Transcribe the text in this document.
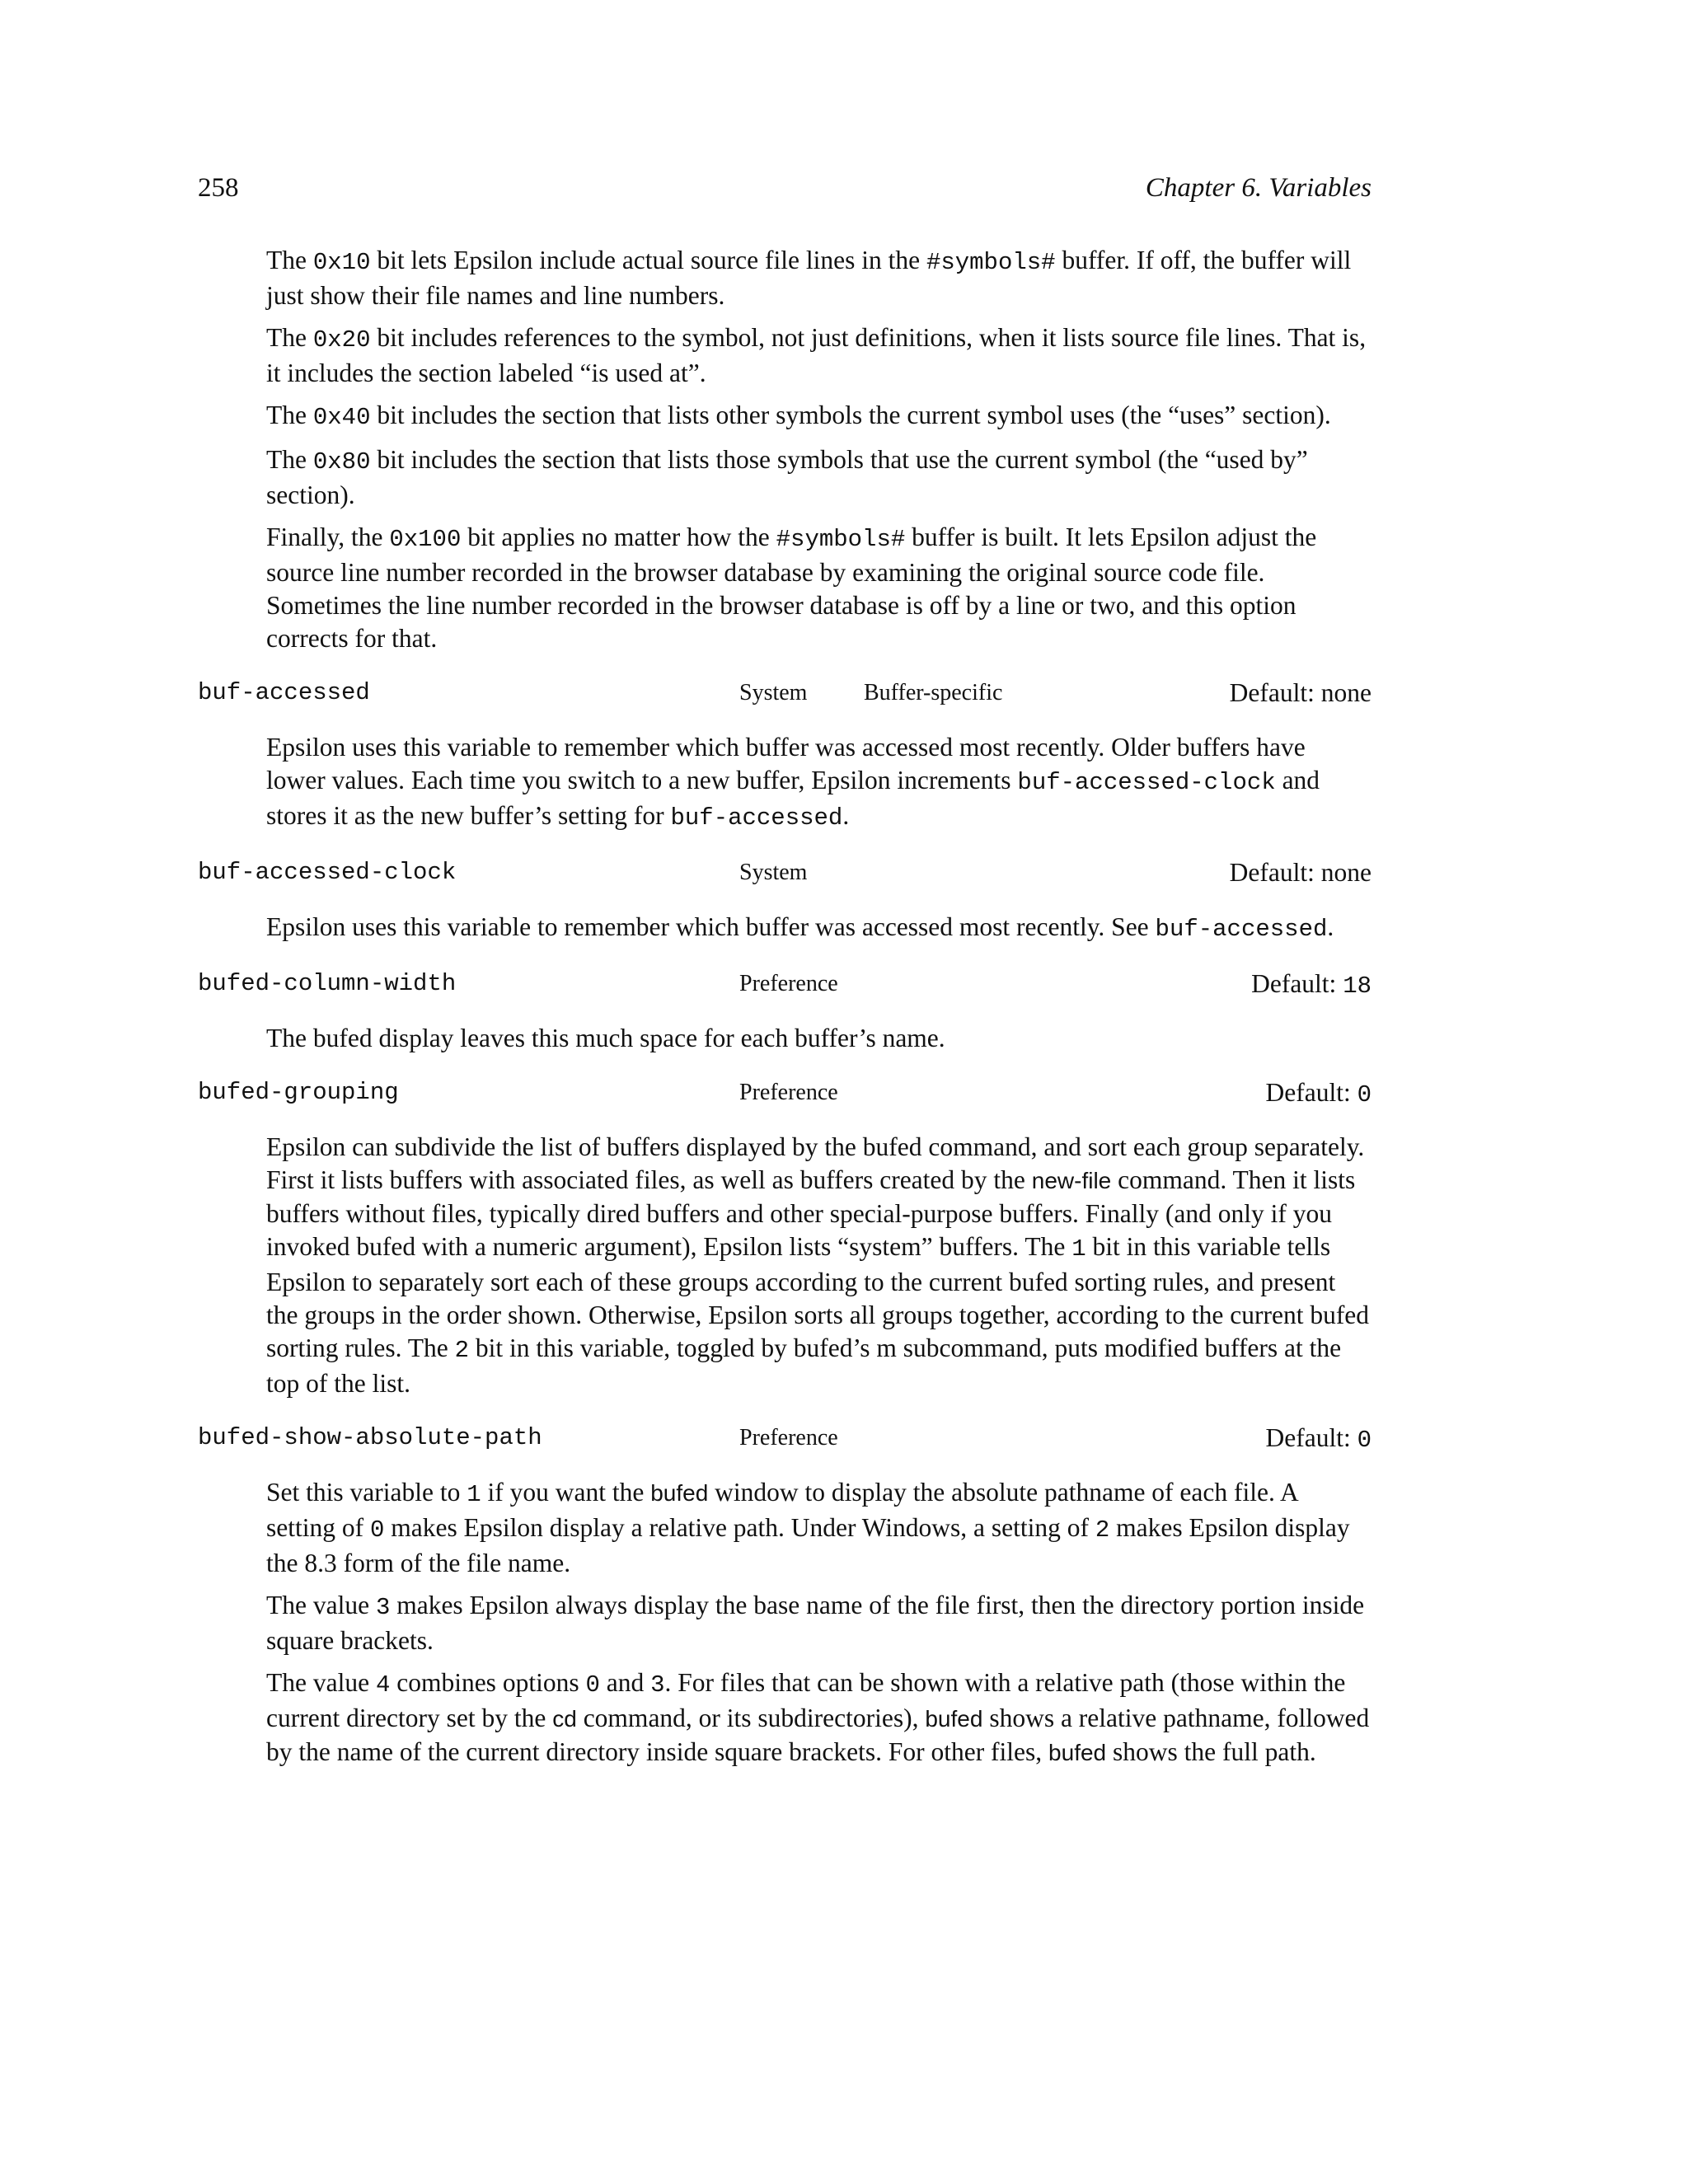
258	Chapter 6. Variables

The 0x10 bit lets Epsilon include actual source file lines in the #symbols# buffer. If off, the buffer will just show their file names and line numbers.

The 0x20 bit includes references to the symbol, not just definitions, when it lists source file lines. That is, it includes the section labeled “is used at”.

The 0x40 bit includes the section that lists other symbols the current symbol uses (the “uses” section).

The 0x80 bit includes the section that lists those symbols that use the current symbol (the “used by” section).

Finally, the 0x100 bit applies no matter how the #symbols# buffer is built. It lets Epsilon adjust the source line number recorded in the browser database by examining the original source code file. Sometimes the line number recorded in the browser database is off by a line or two, and this option corrects for that.

buf-accessed	System Buffer-specific	Default: none

Epsilon uses this variable to remember which buffer was accessed most recently. Older buffers have lower values. Each time you switch to a new buffer, Epsilon increments buf-accessed-clock and stores it as the new buffer’s setting for buf-accessed.

buf-accessed-clock	System	Default: none

Epsilon uses this variable to remember which buffer was accessed most recently. See buf-accessed.

bufed-column-width	Preference	Default: 18

The bufed display leaves this much space for each buffer’s name.

bufed-grouping	Preference	Default: 0

Epsilon can subdivide the list of buffers displayed by the bufed command, and sort each group separately. First it lists buffers with associated files, as well as buffers created by the new-file command. Then it lists buffers without files, typically dired buffers and other special-purpose buffers. Finally (and only if you invoked bufed with a numeric argument), Epsilon lists “system” buffers. The 1 bit in this variable tells Epsilon to separately sort each of these groups according to the current bufed sorting rules, and present the groups in the order shown. Otherwise, Epsilon sorts all groups together, according to the current bufed sorting rules. The 2 bit in this variable, toggled by bufed’s m subcommand, puts modified buffers at the top of the list.

bufed-show-absolute-path	Preference	Default: 0

Set this variable to 1 if you want the bufed window to display the absolute pathname of each file. A setting of 0 makes Epsilon display a relative path. Under Windows, a setting of 2 makes Epsilon display the 8.3 form of the file name.

The value 3 makes Epsilon always display the base name of the file first, then the directory portion inside square brackets.

The value 4 combines options 0 and 3. For files that can be shown with a relative path (those within the current directory set by the cd command, or its subdirectories), bufed shows a relative pathname, followed by the name of the current directory inside square brackets. For other files, bufed shows the full path.
